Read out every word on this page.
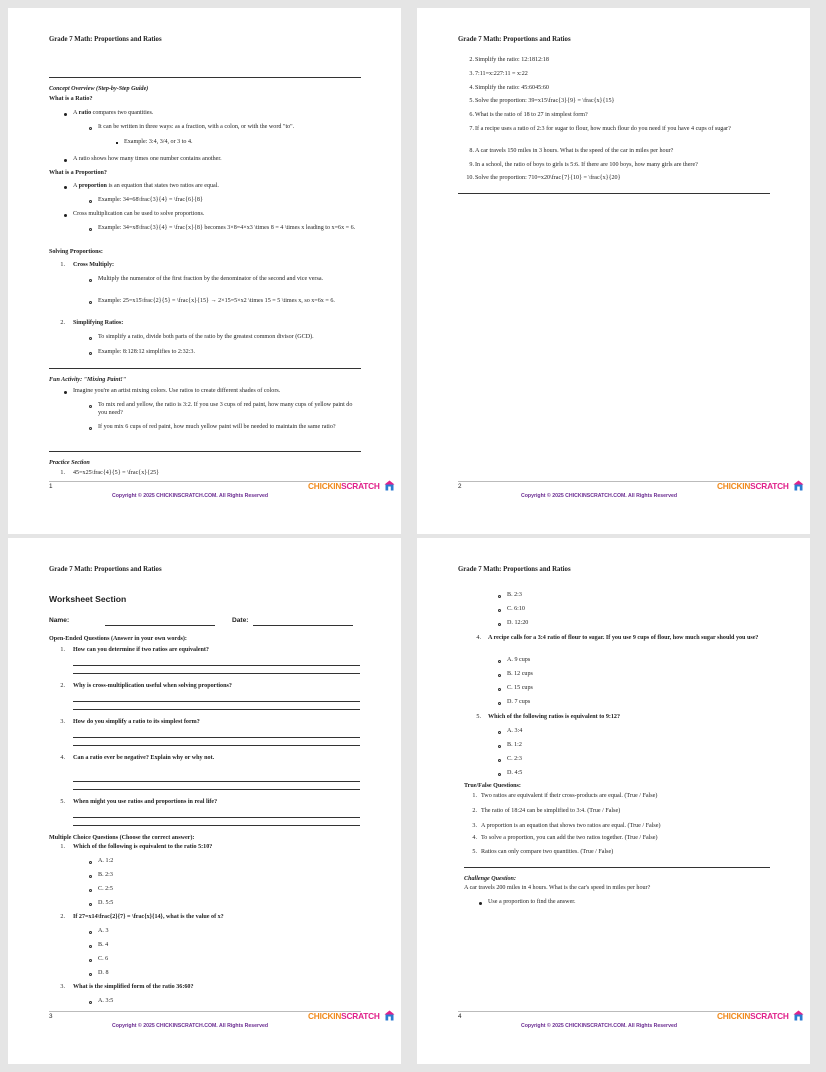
Grade 7 Math: Proportions and Ratios
Concept Overview (Step-by-Step Guide)
What is a Ratio?
A ratio compares two quantities.
It can be written in three ways: as a fraction, with a colon, or with the word "to".
Example: 3:4, 3/4, or 3 to 4.
A ratio shows how many times one number contains another.
What is a Proportion?
A proportion is an equation that states two ratios are equal.
Example: 34=68\frac{3}{4} = \frac{6}{8}
Cross multiplication can be used to solve proportions.
Example: 34=x8\frac{3}{4} = \frac{x}{8} becomes 3×8=4×x3 \times 8 = 4 \times x leading to x=6x = 6.
Solving Proportions:
1. Cross Multiply:
Multiply the numerator of the first fraction by the denominator of the second and vice versa.
Example: 25=x15\frac{2}{5} = \frac{x}{15} → 2×15=5×x2 \times 15 = 5 \times x, so x=6x = 6.
2. Simplifying Ratios:
To simplify a ratio, divide both parts of the ratio by the greatest common divisor (GCD).
Example: 8:128:12 simplifies to 2:32:3.
Fun Activity: "Mixing Paint!"
Imagine you're an artist mixing colors. Use ratios to create different shades of colors.
To mix red and yellow, the ratio is 3:2. If you use 3 cups of red paint, how many cups of yellow paint do you need?
If you mix 6 cups of red paint, how much yellow paint will be needed to maintain the same ratio?
Practice Section
1. 45=x25\frac{4}{5} = \frac{x}{25}
1
Copyright © 2025 CHICKINSCRATCH.COM. All Rights Reserved
CHICKINSCRATCH
Grade 7 Math: Proportions and Ratios
2. Simplify the ratio: 12:1812:18
3. 7:11=x:227:11 = x:22
4. Simplify the ratio: 45:6045:60
5. Solve the proportion: 39=x15\frac{3}{9} = \frac{x}{15}
6. What is the ratio of 18 to 27 in simplest form?
7. If a recipe uses a ratio of 2:3 for sugar to flour, how much flour do you need if you have 4 cups of sugar?
8. A car travels 150 miles in 3 hours. What is the speed of the car in miles per hour?
9. In a school, the ratio of boys to girls is 5:6. If there are 100 boys, how many girls are there?
10. Solve the proportion: 710=x20\frac{7}{10} = \frac{x}{20}
2
Copyright © 2025 CHICKINSCRATCH.COM. All Rights Reserved
CHICKINSCRATCH
Grade 7 Math: Proportions and Ratios
Worksheet Section
Name:	Date:
Open-Ended Questions (Answer in your own words):
1. How can you determine if two ratios are equivalent?
2. Why is cross-multiplication useful when solving proportions?
3. How do you simplify a ratio to its simplest form?
4. Can a ratio ever be negative? Explain why or why not.
5. When might you use ratios and proportions in real life?
Multiple Choice Questions (Choose the correct answer):
1. Which of the following is equivalent to the ratio 5:10?
A. 1:2
B. 2:3
C. 2:5
D. 5:5
2. If 27=x14\frac{2}{7} = \frac{x}{14}, what is the value of x?
A. 3
B. 4
C. 6
D. 8
3. What is the simplified form of the ratio 36:60?
A. 3:5
3
Copyright © 2025 CHICKINSCRATCH.COM. All Rights Reserved
CHICKINSCRATCH
Grade 7 Math: Proportions and Ratios
B. 2:3
C. 6:10
D. 12:20
4. A recipe calls for a 3:4 ratio of flour to sugar. If you use 9 cups of flour, how much sugar should you use?
A. 9 cups
B. 12 cups
C. 15 cups
D. 7 cups
5. Which of the following ratios is equivalent to 9:12?
A. 3:4
B. 1:2
C. 2:3
D. 4:5
True/False Questions:
1. Two ratios are equivalent if their cross-products are equal. (True / False)
2. The ratio of 18:24 can be simplified to 3:4. (True / False)
3. A proportion is an equation that shows two ratios are equal. (True / False)
4. To solve a proportion, you can add the two ratios together. (True / False)
5. Ratios can only compare two quantities. (True / False)
Challenge Question:
A car travels 200 miles in 4 hours. What is the car's speed in miles per hour?
Use a proportion to find the answer.
4
Copyright © 2025 CHICKINSCRATCH.COM. All Rights Reserved
CHICKINSCRATCH
